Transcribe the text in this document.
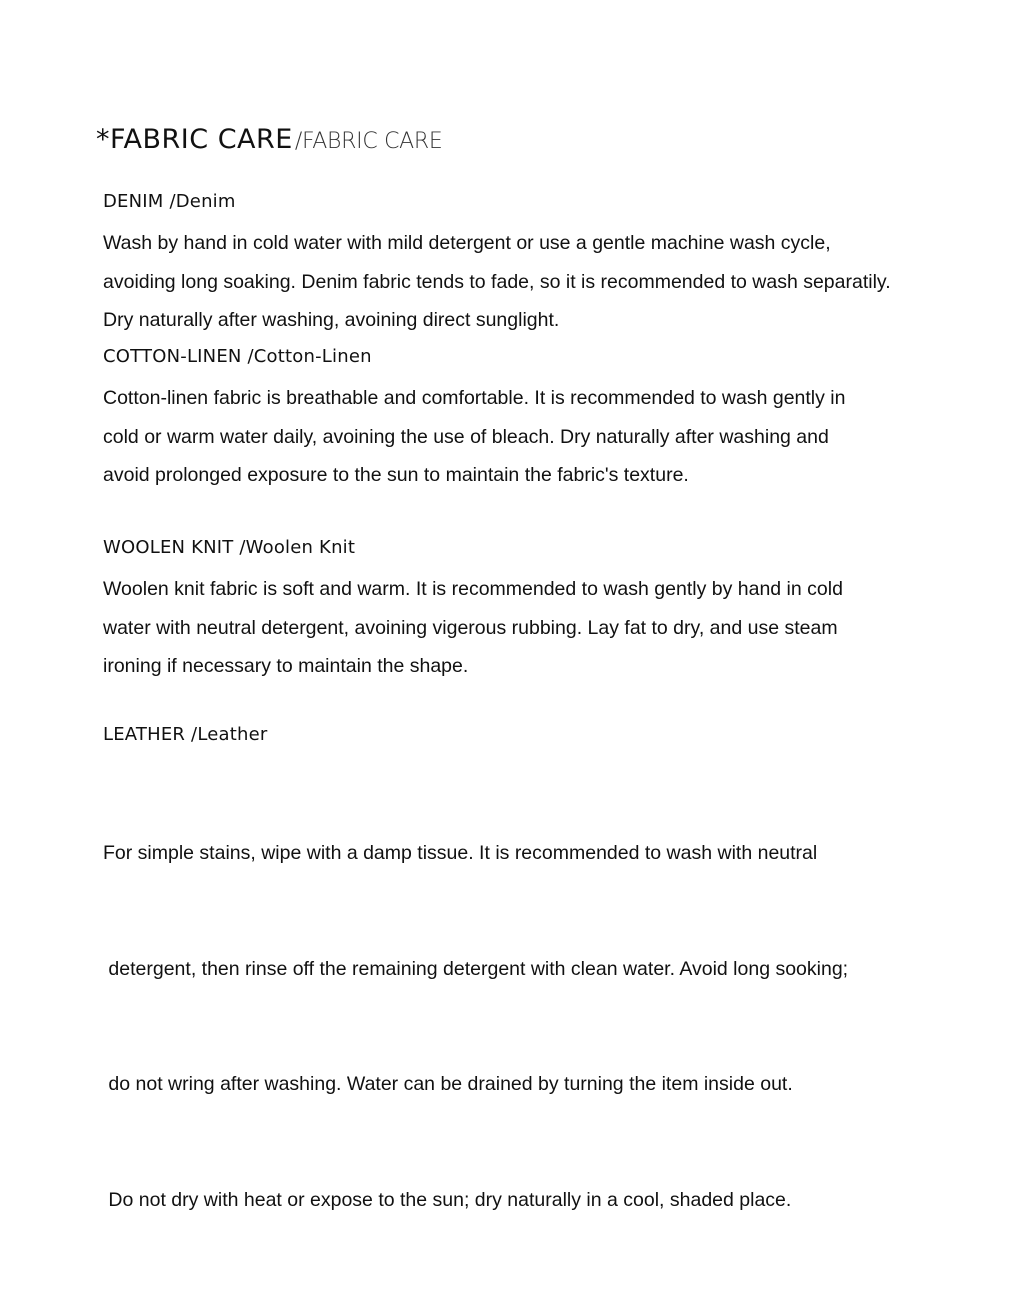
*FABRIC CARE/FABRIC CARE
DENIM /Denim
Wash by hand in cold water with mild detergent or use a gentle machine wash cycle,
avoiding long soaking. Denim fabric tends to fade, so it is recommended to wash separatily.
Dry naturally after washing, avoining direct sunglight.
COTTON-LINEN /Cotton-Linen
Cotton-linen fabric is breathable and comfortable. It is recommended to wash gently in
cold or warm water daily, avoining the use of bleach. Dry naturally after washing and
avoid prolonged exposure to the sun to maintain the fabric's texture.
WOOLEN KNIT /Woolen Knit
Woolen knit fabric is soft and warm. It is recommended to wash gently by hand in cold
water with neutral detergent, avoining vigerous rubbing. Lay fat to dry, and use steam
ironing if necessary to maintain the shape.
LEATHER /Leather

For simple stains, wipe with a damp tissue. It is recommended to wash with neutral

detergent, then rinse off the remaining detergent with clean water. Avoid long sooking;

do not wring after washing. Water can be drained by turning the item inside out.

Do not dry with heat or expose to the sun; dry naturally in a cool, shaded place.
